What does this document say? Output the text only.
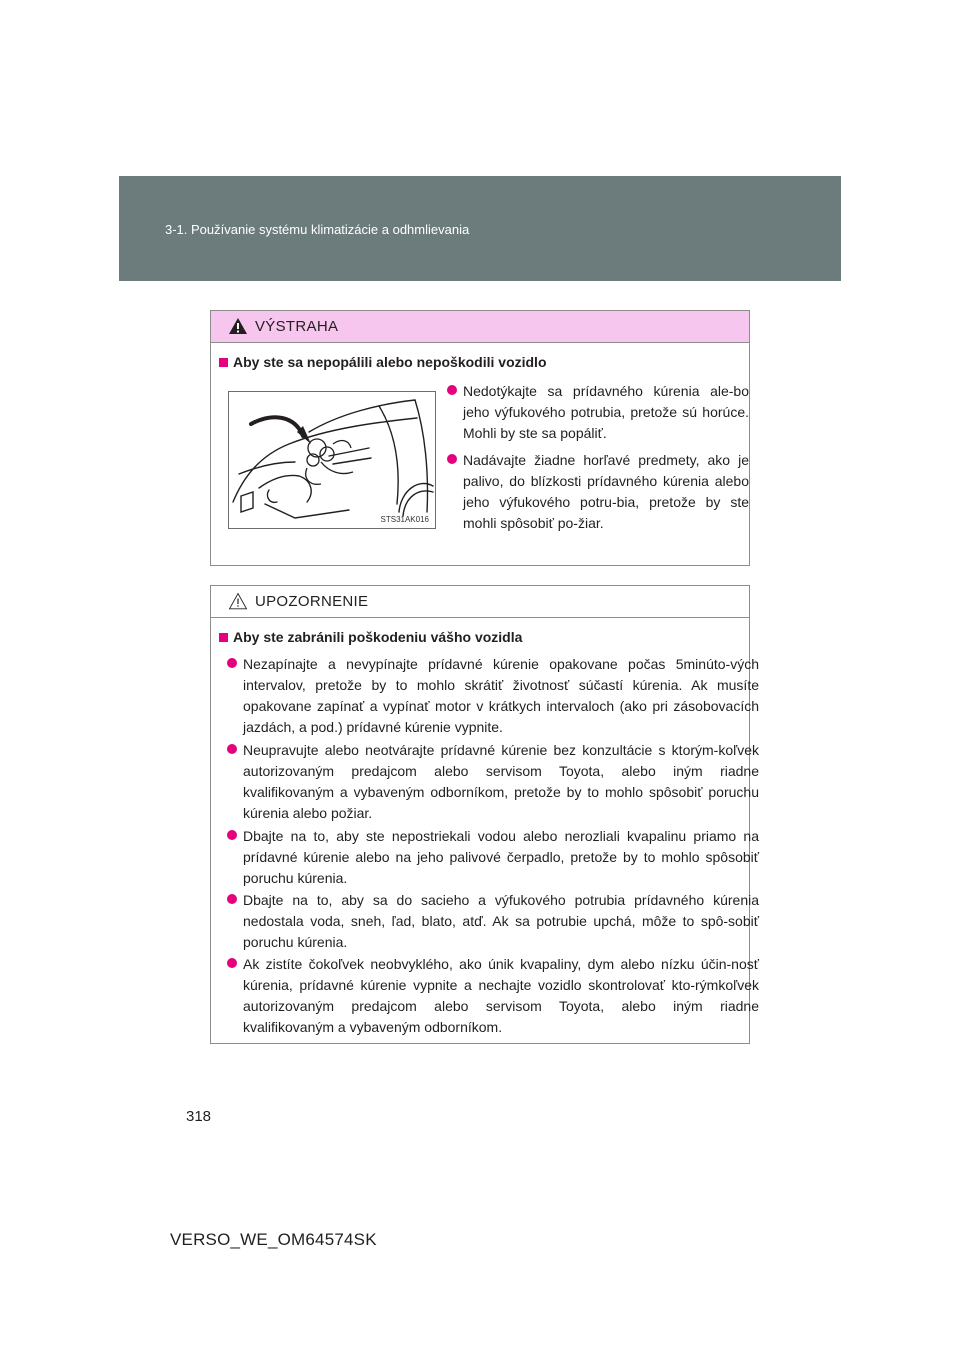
3-1. Používanie systému klimatizácie a odhmlievania
VÝSTRAHA
Aby ste sa nepopálili alebo nepoškodili vozidlo
STS31AK016
Nedotýkajte sa prídavného kúrenia ale-bo jeho výfukového potrubia, pretože sú horúce. Mohli by ste sa popáliť.
Nadávajte žiadne horľavé predmety, ako je palivo, do blízkosti prídavného kúrenia alebo jeho výfukového potru-bia, pretože by ste mohli spôsobiť po-žiar.
UPOZORNENIE
Aby ste zabránili poškodeniu vášho vozidla
Nezapínajte a nevypínajte prídavné kúrenie opakovane počas 5minúto-vých intervalov, pretože by to mohlo skrátiť životnosť súčastí kúrenia. Ak musíte opakovane zapínať a vypínať motor v krátkych intervaloch (ako pri zásobovacích jazdách, a pod.) prídavné kúrenie vypnite.
Neupravujte alebo neotvárajte prídavné kúrenie bez konzultácie s ktorým-koľvek autorizovaným predajcom alebo servisom Toyota, alebo iným riadne kvalifikovaným a vybaveným odborníkom, pretože by to mohlo spôsobiť poruchu kúrenia alebo požiar.
Dbajte na to, aby ste nepostriekali vodou alebo nerozliali kvapalinu priamo na prídavné kúrenie alebo na jeho palivové čerpadlo, pretože by to mohlo spôsobiť poruchu kúrenia.
Dbajte na to, aby sa do sacieho a výfukového potrubia prídavného kúrenia nedostala voda, sneh, ľad, blato, atď. Ak sa potrubie upchá, môže to spô-sobiť poruchu kúrenia.
Ak zistíte čokoľvek neobvyklého, ako únik kvapaliny, dym alebo nízku účin-nosť kúrenia, prídavné kúrenie vypnite a nechajte vozidlo skontrolovať kto-rýmkoľvek autorizovaným predajcom alebo servisom Toyota, alebo iným riadne kvalifikovaným a vybaveným odborníkom.
318
VERSO_WE_OM64574SK
